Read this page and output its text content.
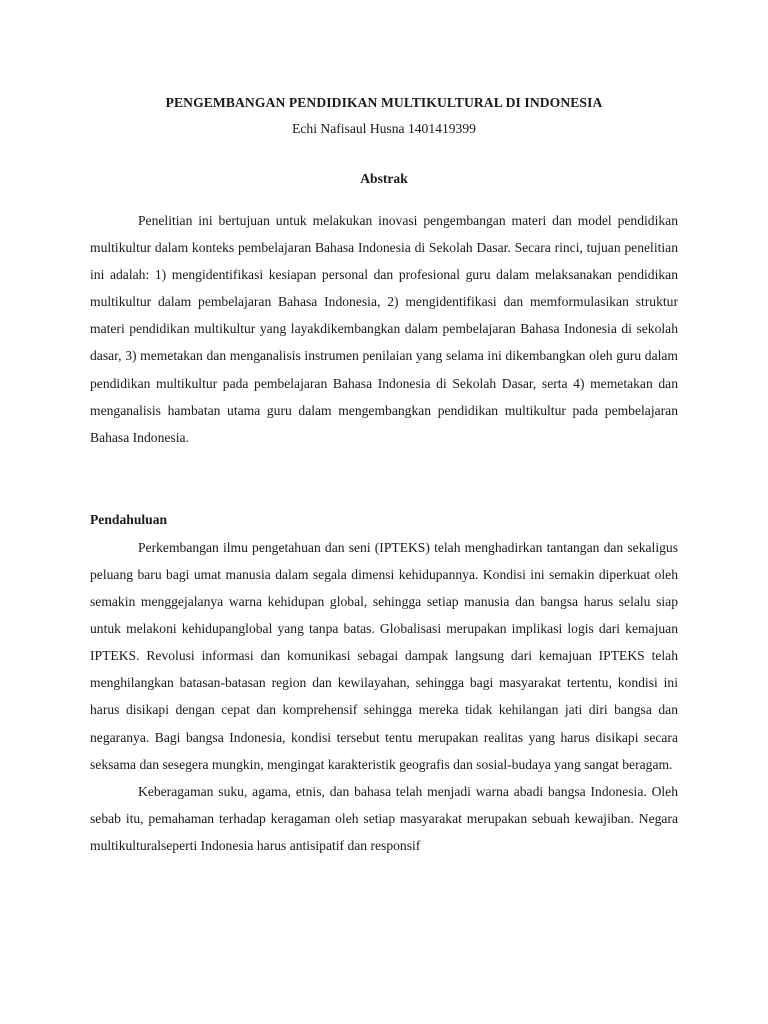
PENGEMBANGAN PENDIDIKAN MULTIKULTURAL DI INDONESIA

Echi Nafisaul Husna 1401419399

Abstrak

Penelitian ini bertujuan untuk melakukan inovasi pengembangan materi dan model pendidikan multikultur dalam konteks pembelajaran Bahasa Indonesia di Sekolah Dasar. Secara rinci, tujuan penelitian ini adalah: 1) mengidentifikasi kesiapan personal dan profesional guru dalam melaksanakan pendidikan multikultur dalam pembelajaran Bahasa Indonesia, 2) mengidentifikasi dan memformulasikan struktur materi pendidikan multikultur yang layakdikembangkan dalam pembelajaran Bahasa Indonesia di sekolah dasar, 3) memetakan dan menganalisis instrumen penilaian yang selama ini dikembangkan oleh guru dalam pendidikan multikultur pada pembelajaran Bahasa Indonesia di Sekolah Dasar, serta 4) memetakan dan menganalisis hambatan utama guru dalam mengembangkan pendidikan multikultur pada pembelajaran Bahasa Indonesia.

Pendahuluan

Perkembangan ilmu pengetahuan dan seni (IPTEKS) telah menghadirkan tantangan dan sekaligus peluang baru bagi umat manusia dalam segala dimensi kehidupannya. Kondisi ini semakin diperkuat oleh semakin menggejalanya warna kehidupan global, sehingga setiap manusia dan bangsa harus selalu siap untuk melakoni kehidupanglobal yang tanpa batas. Globalisasi merupakan implikasi logis dari kemajuan IPTEKS. Revolusi informasi dan komunikasi sebagai dampak langsung dari kemajuan IPTEKS telah menghilangkan batasan-batasan region dan kewilayahan, sehingga bagi masyarakat tertentu, kondisi ini harus disikapi dengan cepat dan komprehensif sehingga mereka tidak kehilangan jati diri bangsa dan negaranya. Bagi bangsa Indonesia, kondisi tersebut tentu merupakan realitas yang harus disikapi secara seksama dan sesegera mungkin, mengingat karakteristik geografis dan sosial-budaya yang sangat beragam.

Keberagaman suku, agama, etnis, dan bahasa telah menjadi warna abadi bangsa Indonesia. Oleh sebab itu, pemahaman terhadap keragaman oleh setiap masyarakat merupakan sebuah kewajiban. Negara multikulturalseperti Indonesia harus antisipatif dan responsif
